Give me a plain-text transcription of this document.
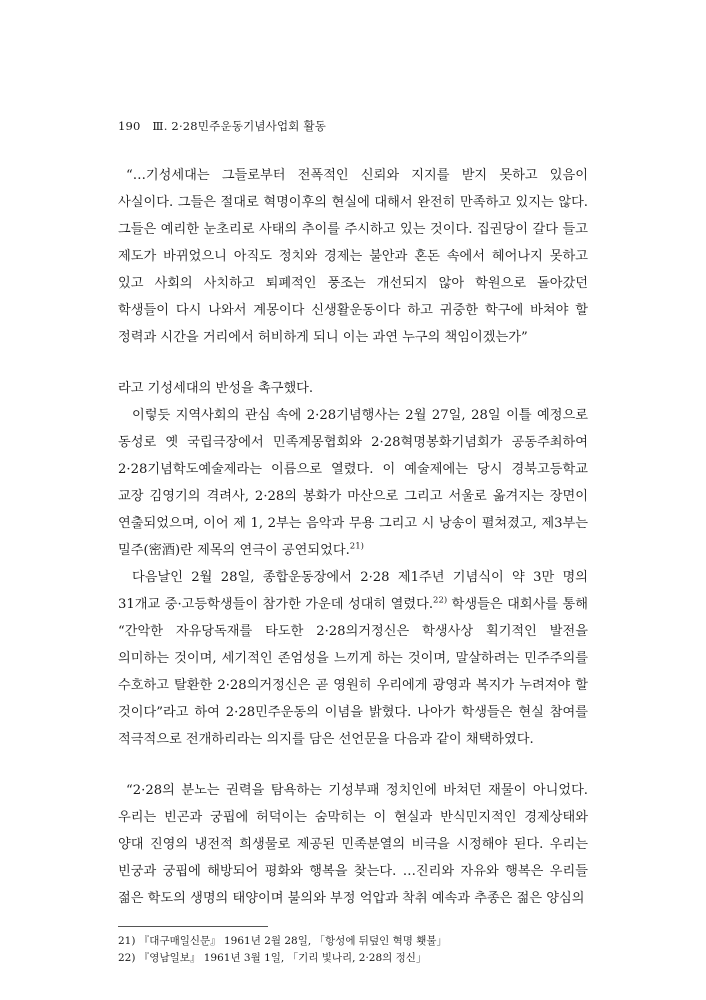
190 Ⅲ. 2·28민주운동기념사업회 활동

“…기성세대는 그들로부터 전폭적인 신뢰와 지지를 받지 못하고 있음이 사실이다. 그들은 절대로 혁명이후의 현실에 대해서 완전히 만족하고 있지는 않다. 그들은 예리한 눈초리로 사태의 추이를 주시하고 있는 것이다. 집권당이 갈다 들고 제도가 바뀌었으니 아직도 정치와 경제는 불안과 혼돈 속에서 헤어나지 못하고 있고 사회의 사치하고 퇴폐적인 풍조는 개선되지 않아 학원으로 돌아갔던 학생들이 다시 나와서 계몽이다 신생활운동이다 하고 귀중한 학구에 바쳐야 할 정력과 시간을 거리에서 허비하게 되니 이는 과연 누구의 책임이겠는가”

라고 기성세대의 반성을 촉구했다.

이렇듯 지역사회의 관심 속에 2·28기념행사는 2월 27일, 28일 이틀 예정으로 동성로 옛 국립극장에서 민족계몽협회와 2·28혁명봉화기념회가 공동주최하여 2·28기념학도예술제라는 이름으로 열렸다. 이 예술제에는 당시 경북고등학교 교장 김영기의 격려사, 2·28의 봉화가 마산으로 그리고 서울로 옮겨지는 장면이 연출되었으며, 이어 제 1, 2부는 음악과 무용 그리고 시 낭송이 펼쳐졌고, 제3부는 밀주(密酒)란 제목의 연극이 공연되었다.$^{21)}$

다음날인 2월 28일, 종합운동장에서 2·28 제1주년 기념식이 약 3만 명의 31개교 중·고등학생들이 참가한 가운데 성대히 열렸다.$^{22)}$ 학생들은 대회사를 통해 “간악한 자유당독재를 타도한 2·28의거정신은 학생사상 획기적인 발전을 의미하는 것이며, 세기적인 존엄성을 느끼게 하는 것이며, 말살하려는 민주주의를 수호하고 탈환한 2·28의거정신은 곧 영원히 우리에게 광영과 복지가 누려져야 할 것이다”라고 하여 2·28민주운동의 이념을 밝혔다. 나아가 학생들은 현실 참여를 적극적으로 전개하리라는 의지를 담은 선언문을 다음과 같이 채택하였다.

“2·28의 분노는 권력을 탐욕하는 기성부패 정치인에 바쳐던 재물이 아니었다. 우리는 빈곤과 궁핍에 허덕이는 숨막히는 이 현실과 반식민지적인 경제상태와 양대 진영의 냉전적 희생물로 제공된 민족분열의 비극을 시정해야 된다. 우리는 빈궁과 궁핍에 해방되어 평화와 행복을 찾는다. …진리와 자유와 행복은 우리들 젊은 학도의 생명의 태양이며 불의와 부정 억압과 착취 예속과 추종은 젊은 양심의

21) 『대구매일신문』 1961년 2월 28일, 「항성에 뒤덮인 혁명 횃불」
22) 『영남일보』 1961년 3월 1일, 「기리 빛나리, 2·28의 정신」
